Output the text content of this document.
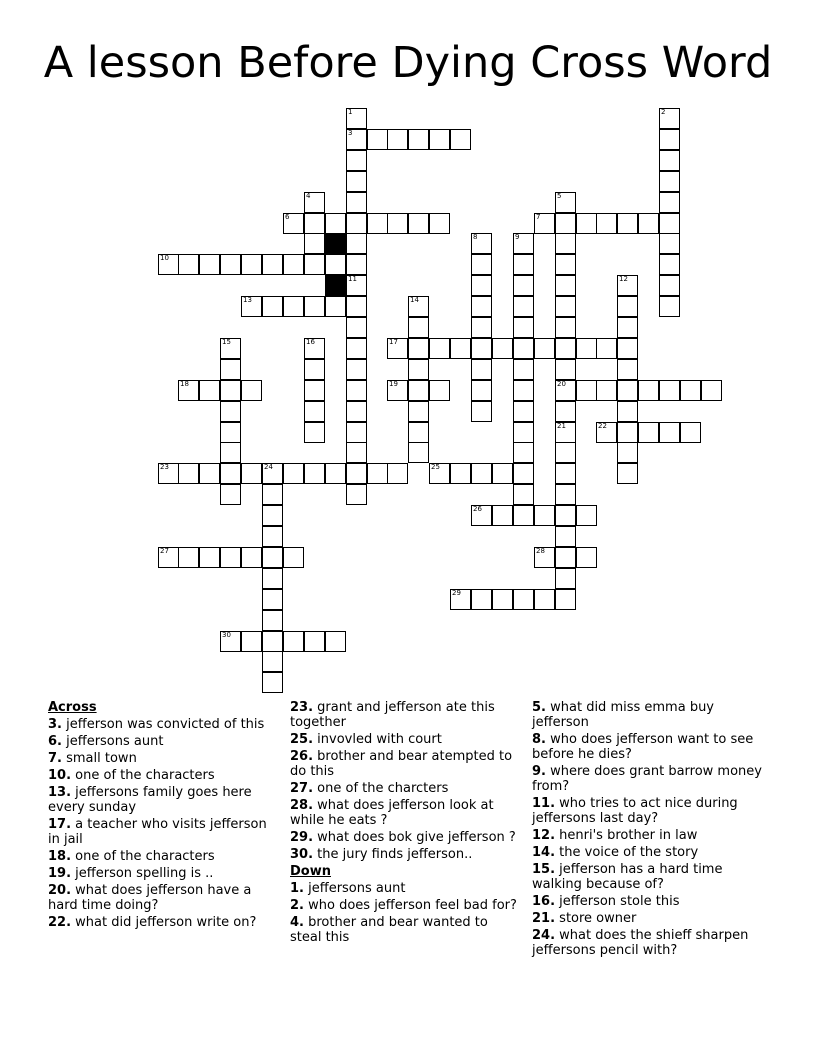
A lesson Before Dying Cross Word
1
3
11
2
4	5
20
21
6	7
8	9
10
12
13	14
15	16	17
18	19
22
23	24	25
26
27	28
29
30
Across
3. jefferson was convicted of this
6. jeffersons aunt
7. small town
10. one of the characters
13. jeffersons family goes here every sunday
17. a teacher who visits jefferson in jail
18. one of the characters
19. jefferson spelling is ..
20. what does jefferson have a hard time doing?
22. what did jefferson write on?
23. grant and jefferson ate this together
25. invovled with court
26. brother and bear atempted to do this
27. one of the charcters
28. what does jefferson look at while he eats ?
29. what does bok give jefferson ?
30. the jury finds jefferson..
Down
1. jeffersons aunt
2. who does jefferson feel bad for?
4. brother and bear wanted to steal this
5. what did miss emma buy jefferson
8. who does jefferson want to see before he dies?
9. where does grant barrow money from?
11. who tries to act nice during jeffersons last day?
12. henri's brother in law
14. the voice of the story
15. jefferson has a hard time walking because of?
16. jefferson stole this
21. store owner
24. what does the shieff sharpen jeffersons pencil with?
